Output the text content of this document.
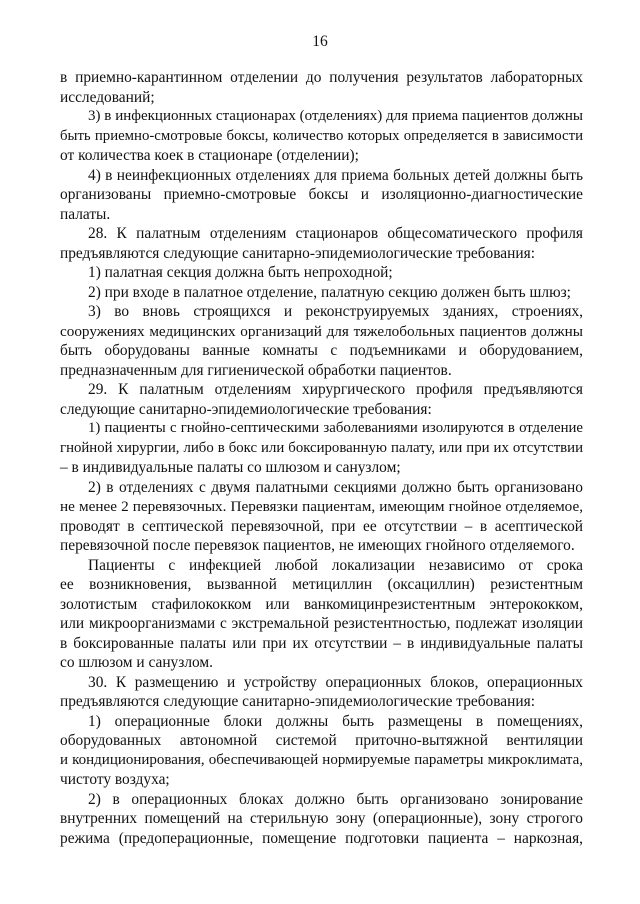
16
в приемно-карантинном отделении до получения результатов лабораторных
исследований;
3) в инфекционных стационарах (отделениях) для приема пациентов должны
быть приемно-смотровые боксы, количество которых определяется в зависимости
от количества коек в стационаре (отделении);
4) в неинфекционных отделениях для приема больных детей должны быть
организованы приемно-смотровые боксы и изоляционно-диагностические
палаты.
28. К палатным отделениям стационаров общесоматического профиля
предъявляются следующие санитарно-эпидемиологические требования:
1) палатная секция должна быть непроходной;
2) при входе в палатное отделение, палатную секцию должен быть шлюз;
3) во вновь строящихся и реконструируемых зданиях, строениях,
сооружениях медицинских организаций для тяжелобольных пациентов должны
быть оборудованы ванные комнаты с подъемниками и оборудованием,
предназначенным для гигиенической обработки пациентов.
29. К палатным отделениям хирургического профиля предъявляются
следующие санитарно-эпидемиологические требования:
1) пациенты с гнойно-септическими заболеваниями изолируются в отделение
гнойной хирургии, либо в бокс или боксированную палату, или при их отсутствии
– в индивидуальные палаты со шлюзом и санузлом;
2) в отделениях с двумя палатными секциями должно быть организовано
не менее 2 перевязочных. Перевязки пациентам, имеющим гнойное отделяемое,
проводят в септической перевязочной, при ее отсутствии – в асептической
перевязочной после перевязок пациентов, не имеющих гнойного отделяемого.
Пациенты с инфекцией любой локализации независимо от срока
ее возникновения, вызванной метициллин (оксациллин) резистентным
золотистым стафилококком или ванкомицинрезистентным энтерококком,
или микроорганизмами с экстремальной резистентностью, подлежат изоляции
в боксированные палаты или при их отсутствии – в индивидуальные палаты
со шлюзом и санузлом.
30. К размещению и устройству операционных блоков, операционных
предъявляются следующие санитарно-эпидемиологические требования:
1) операционные блоки должны быть размещены в помещениях,
оборудованных автономной системой приточно-вытяжной вентиляции
и кондиционирования, обеспечивающей нормируемые параметры микроклимата,
чистоту воздуха;
2) в операционных блоках должно быть организовано зонирование
внутренних помещений на стерильную зону (операционные), зону строгого
режима (предоперационные, помещение подготовки пациента – наркозная,
